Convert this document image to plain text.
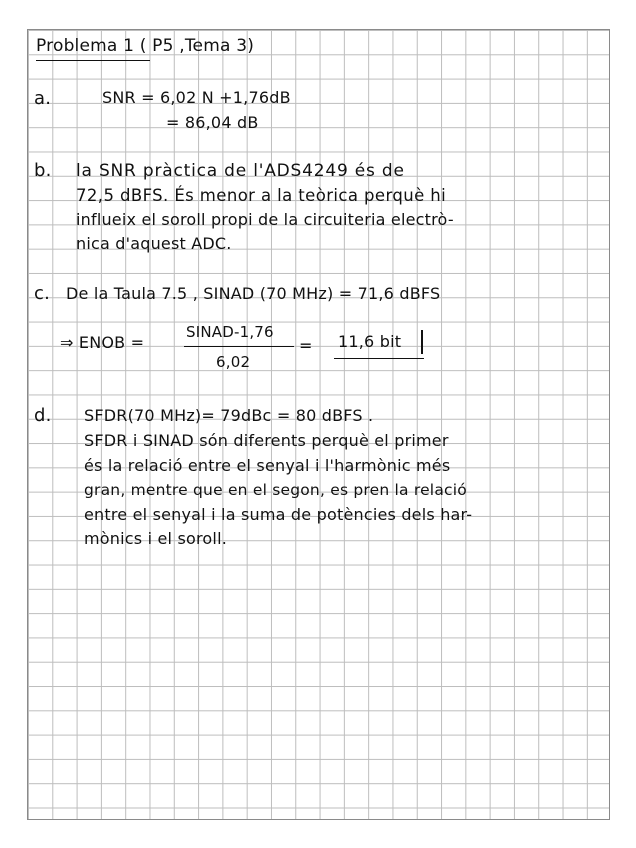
Problema 1 ( P5 ,Tema 3)
a.	SNR = 6,02 N +1,76dB
= 86,04 dB
b. la SNR pràctica de l'ADS4249 és de
72,5 dBFS. És menor a la teòrica perquè hi
influeix el soroll propi de la circuiteria electrò-
nica d'aquest ADC.
c. De la Taula 7.5 , SINAD (70 MHz) = 71,6 dBFS
⇒ ENOB =
SINAD-1,76
6,02
= 11,6 bit
d. SFDR(70 MHz)= 79dBc = 80 dBFS .
SFDR i SINAD són diferents perquè el primer
és la relació entre el senyal i l'harmònic més
gran, mentre que en el segon, es pren la relació
entre el senyal i la suma de potències dels har-
mònics i el soroll.
